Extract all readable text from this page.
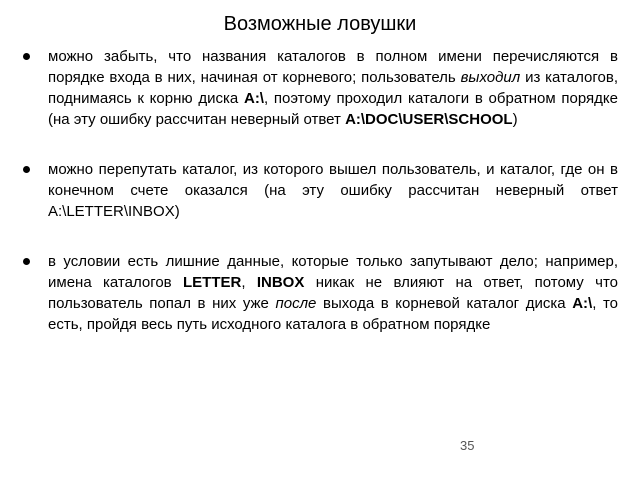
Возможные ловушки
можно забыть, что названия каталогов в полном имени перечисляются в порядке входа в них, начиная от корневого; пользователь выходил из каталогов, поднимаясь к корню диска A:\, поэтому проходил каталоги в обратном порядке (на эту ошибку рассчитан неверный ответ A:\DOC\USER\SCHOOL)
можно перепутать каталог, из которого вышел пользователь, и каталог, где он в конечном счете оказался (на эту ошибку рассчитан неверный ответ A:\LETTER\INBOX)
в условии есть лишние данные, которые только запутывают дело; например, имена каталогов LETTER, INBOX никак не влияют на ответ, потому что пользователь попал в них уже после выхода в корневой каталог диска A:\, то есть, пройдя весь путь исходного каталога в обратном порядке
35
